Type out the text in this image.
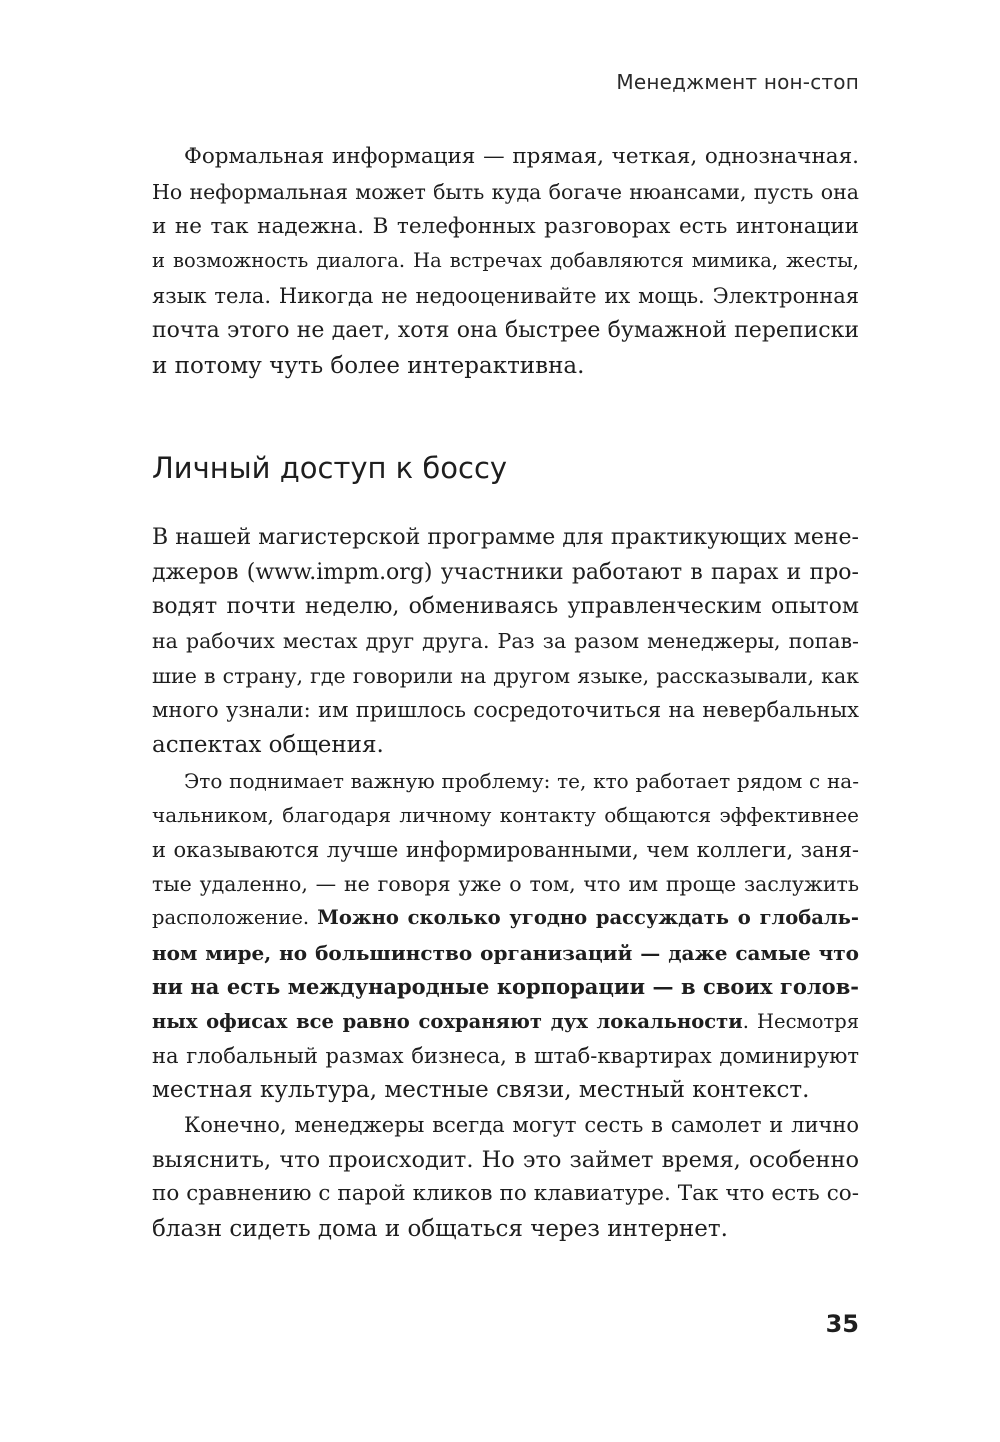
Менеджмент нон-стоп
Формальная информация — прямая, четкая, однозначная.
Но неформальная может быть куда богаче нюансами, пусть она
и не так надежна. В телефонных разговорах есть интонации
и возможность диалога. На встречах добавляются мимика, жесты,
язык тела. Никогда не недооценивайте их мощь. Электронная
почта этого не дает, хотя она быстрее бумажной переписки
и потому чуть более интерактивна.
Личный доступ к боссу
В нашей магистерской программе для практикующих мене-
джеров (www.impm.org) участники работают в парах и про-
водят почти неделю, обмениваясь управленческим опытом
на рабочих местах друг друга. Раз за разом менеджеры, попав-
шие в страну, где говорили на другом языке, рассказывали, как
много узнали: им пришлось сосредоточиться на невербальных
аспектах общения.
Это поднимает важную проблему: те, кто работает рядом с на-
чальником, благодаря личному контакту общаются эффективнее
и оказываются лучше информированными, чем коллеги, заня-
тые удаленно, — не говоря уже о том, что им проще заслужить
расположение. Можно сколько угодно рассуждать о глобаль-
ном мире, но большинство организаций — даже самые что
ни на есть международные корпорации — в своих голов-
ных офисах все равно сохраняют дух локальности. Несмотря
на глобальный размах бизнеса, в штаб-квартирах доминируют
местная культура, местные связи, местный контекст.
Конечно, менеджеры всегда могут сесть в самолет и лично
выяснить, что происходит. Но это займет время, особенно
по сравнению с парой кликов по клавиатуре. Так что есть со-
блазн сидеть дома и общаться через интернет.
35
